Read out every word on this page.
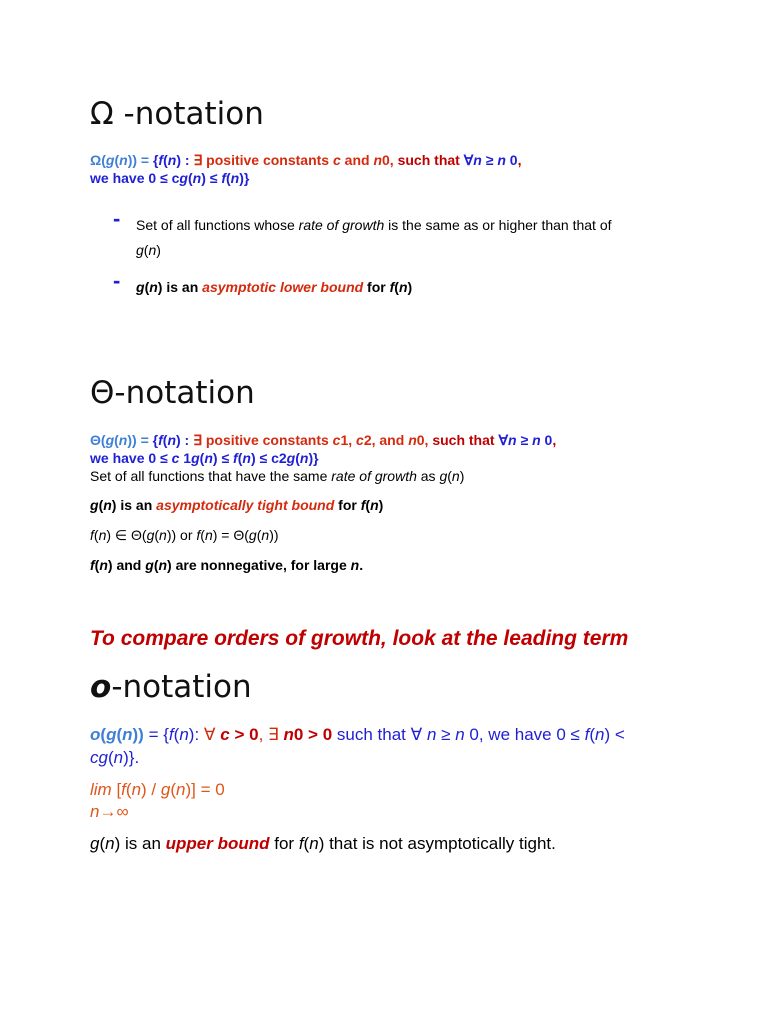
Ω -notation
Ω(g(n)) = {f(n) : ∃ positive constants c and n0, such that ∀n ≥ n 0,
we have 0 ≤ cg(n) ≤ f(n)}
- Set of all functions whose rate of growth is the same as or higher than that of
g(n)
- g(n) is an asymptotic lower bound for f(n)
Θ-notation
Θ(g(n)) = {f(n) : ∃ positive constants c1, c2, and n0, such that ∀n ≥ n 0,
we have 0 ≤ c 1g(n) ≤ f(n) ≤ c2g(n)}
Set of all functions that have the same rate of growth as g(n)
g(n) is an asymptotically tight bound for f(n)
f(n) ∈ Θ(g(n)) or f(n) = Θ(g(n))
f(n) and g(n) are nonnegative, for large n.
To compare orders of growth, look at the leading term
o-notation
o(g(n)) = {f(n): ∀ c > 0, ∃ n0 > 0 such that ∀ n ≥ n 0, we have 0 ≤ f(n) <
cg(n)}.
lim [f(n) / g(n)] = 0
n→∞
g(n) is an upper bound for f(n) that is not asymptotically tight.
